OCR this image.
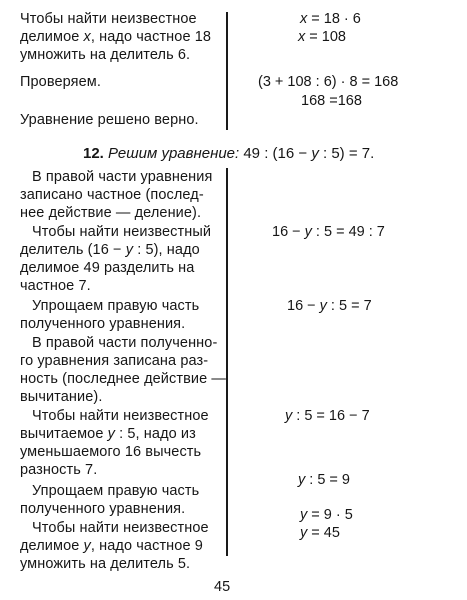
Чтобы найти неизвестное

делимое x, надо частное 18

умножить на делитель 6.

Проверяем.

Уравнение решено верно.

x = 18 · 6

x = 108

(3 + 108 : 6) · 8 = 168

168 =168

12. Решим уравнение: 49 : (16 − y : 5) = 7.

В правой части уравнения

записано частное (послед-

нее действие — деление).

Чтобы найти неизвестный

делитель (16 − y : 5), надо

делимое 49 разделить на

частное 7.

16 − y : 5 = 49 : 7

Упрощаем правую часть

полученного уравнения.

16 − y : 5 = 7

В правой части полученно-

го уравнения записана раз-

ность (последнее действие —

вычитание).

Чтобы найти неизвестное

вычитаемое y : 5, надо из

уменьшаемого 16 вычесть

разность 7.

y : 5 = 16 − 7

Упрощаем правую часть

полученного уравнения.

y : 5 = 9

Чтобы найти неизвестное

делимое y, надо частное 9

умножить на делитель 5.

y = 9 · 5

y = 45

45
